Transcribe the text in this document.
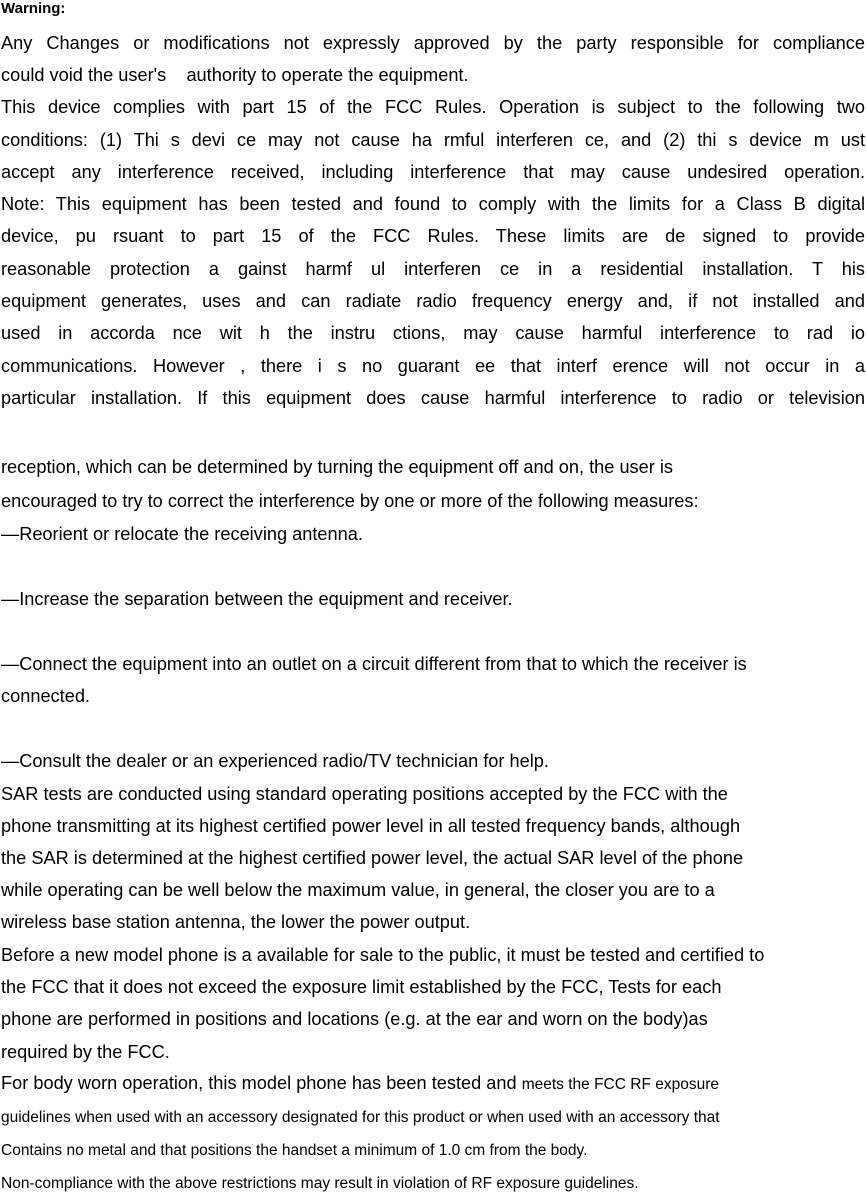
Warning:
Any Changes or modifications not expressly approved by the party responsible for compliance
could void the user's    authority to operate the equipment.
This device complies with part 15 of the FCC Rules. Operation is subject to the following two
conditions: (1) Thi s devi ce may not cause ha rmful interferen ce, and (2) thi s device m ust
accept any interference received, including interference that may cause undesired operation.
Note: This equipment has been tested and found to comply with the limits for a Class B digital
device, pu rsuant to part 15 of the FCC Rules. These limits are de signed to provide
reasonable protection a gainst harmf ul interferen ce in a residential installation. T his
equipment generates, uses and can radiate radio frequency energy and, if not installed and
used in accorda nce wit h the instru ctions, may cause harmful interference to rad io
communications. However , there i s no guarant ee that interf erence will not occur in a
particular installation. If this equipment does cause harmful interference to radio or television
reception, which can be determined by turning the equipment off and on, the user is
encouraged to try to correct the interference by one or more of the following measures:
—Reorient or relocate the receiving antenna.
—Increase the separation between the equipment and receiver.
—Connect the equipment into an outlet on a circuit different from that to which the receiver is
connected.
—Consult the dealer or an experienced radio/TV technician for help.
SAR tests are conducted using standard operating positions accepted by the FCC with the
phone transmitting at its highest certified power level in all tested frequency bands, although
the SAR is determined at the highest certified power level, the actual SAR level of the phone
while operating can be well below the maximum value, in general, the closer you are to a
wireless base station antenna, the lower the power output.
Before a new model phone is a available for sale to the public, it must be tested and certified to
the FCC that it does not exceed the exposure limit established by the FCC, Tests for each
phone are performed in positions and locations (e.g. at the ear and worn on the body)as
required by the FCC.
For body worn operation, this model phone has been tested and meets the FCC RF exposure
guidelines when used with an accessory designated for this product or when used with an accessory that
Contains no metal and that positions the handset a minimum of 1.0 cm from the body.
Non-compliance with the above restrictions may result in violation of RF exposure guidelines.
